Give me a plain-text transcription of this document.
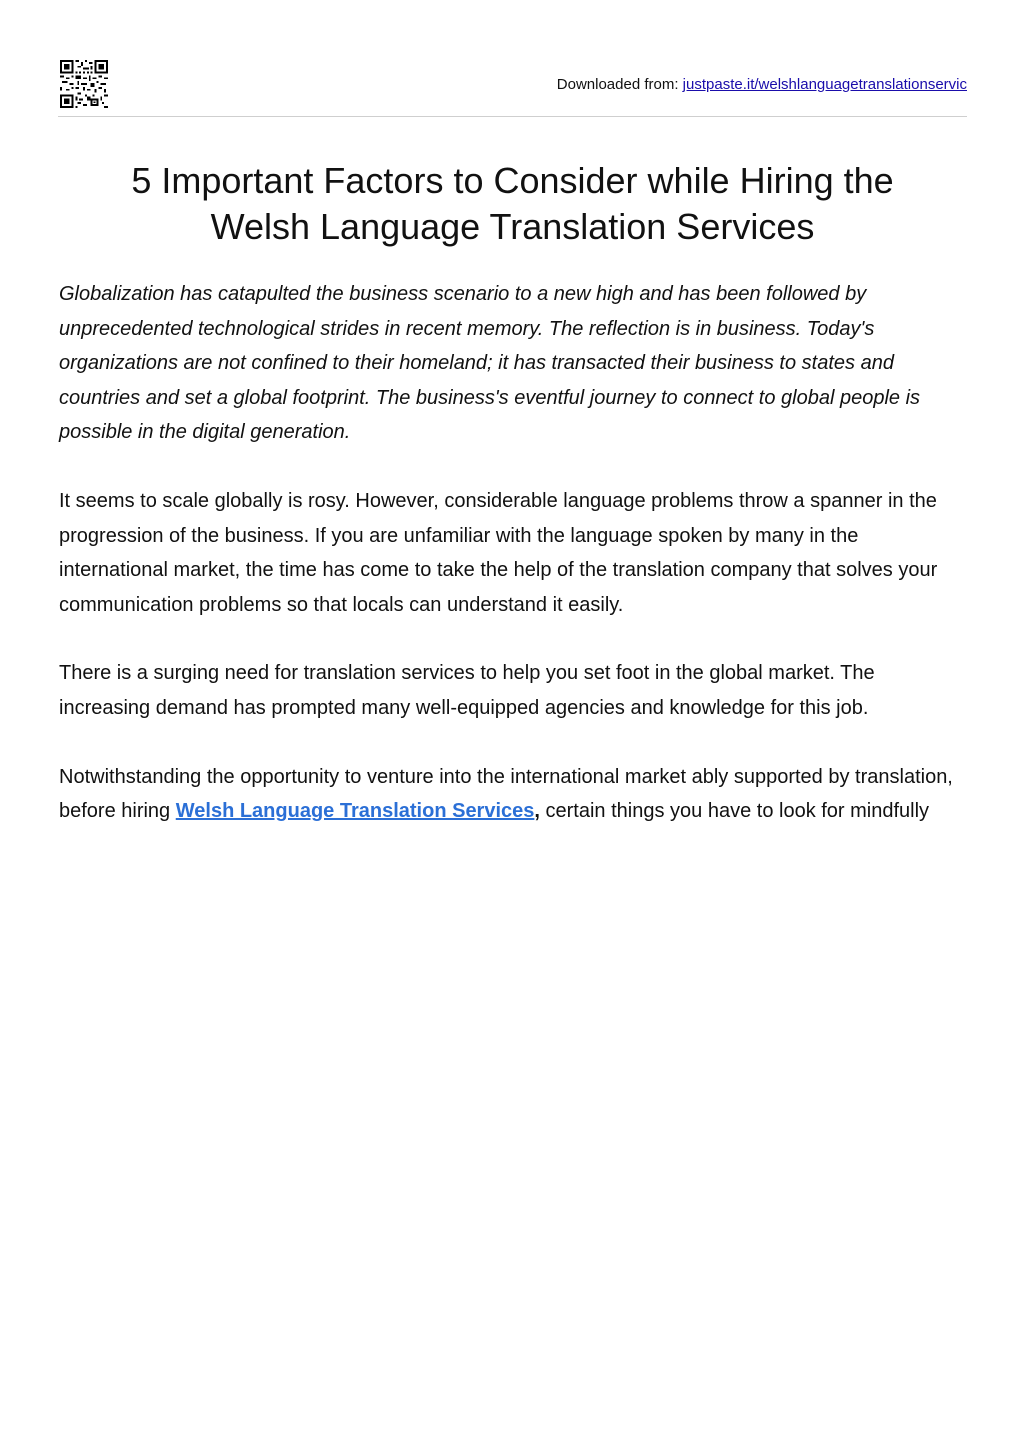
Downloaded from: justpaste.it/welshlanguagetranslationservic
5 Important Factors to Consider while Hiring the
Welsh Language Translation Services

Globalization has catapulted the business scenario to a new high and has been followed by unprecedented technological strides in recent memory. The reflection is in business. Today's organizations are not confined to their homeland; it has transacted their business to states and countries and set a global footprint. The business's eventful journey to connect to global people is possible in the digital generation.

It seems to scale globally is rosy. However, considerable language problems throw a spanner in the progression of the business. If you are unfamiliar with the language spoken by many in the international market, the time has come to take the help of the translation company that solves your communication problems so that locals can understand it easily.

There is a surging need for translation services to help you set foot in the global market. The increasing demand has prompted many well-equipped agencies and knowledge for this job.

Notwithstanding the opportunity to venture into the international market ably supported by translation, before hiring Welsh Language Translation Services, certain things you have to look for mindfully
